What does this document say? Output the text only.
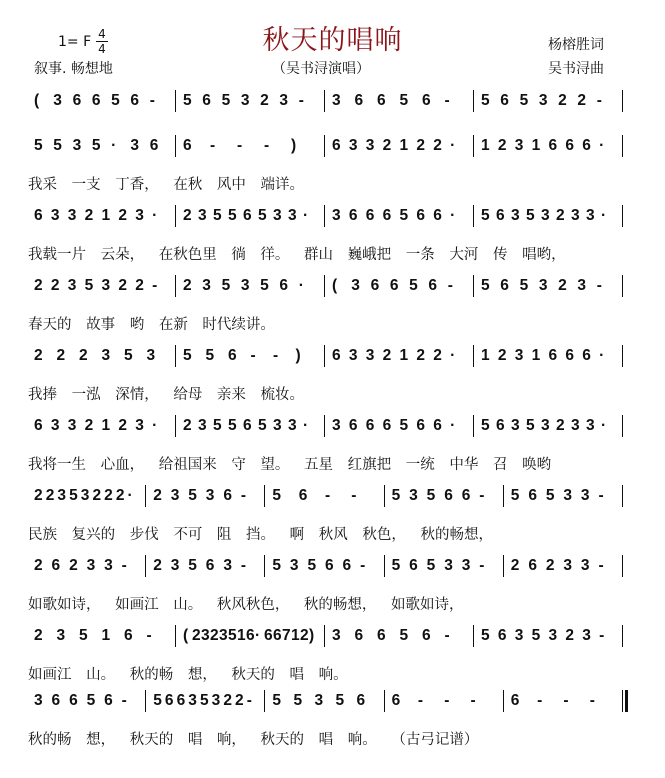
1= F 4
4	秋天的唱响	杨榕胜词
叙事. 畅想地	（吴书浔演唱）	吴书浔曲
( 3 6 6 5 6 - 5 6 5 3 2 3 - 3 6 6 5 6 - 5 6 5 3 2 2 -
5 5 3 5 · 3 6 6 - - - ) 6 3 3 2 1 2 2 · 1 2 3 1 6 6 6 ·
我采 一支 丁香， 在秋 风中 端详。
6 3 3 2 1 2 3 · 2 3 5 5 6 5 3 3 · 3 6 6 6 5 6 6 · 5 6 3 5 3 2 3 3 ·
我载一片 云朵， 在秋色里 徜 徉。 群山 巍峨把 一条 大河 传 唱哟，
2 2 3 5 3 2 2 - 2 3 5 3 5 6 · ( 3 6 6 5 6 - 5 6 5 3 2 3 -
春天的 故事 哟 在新 时代续讲。
2 2 2 3 5 3 5 5 6 - - ) 6 3 3 2 1 2 2 · 1 2 3 1 6 6 6 ·
我捧 一泓 深情， 给母 亲来 梳妆。
6 3 3 2 1 2 3 · 2 3 5 5 6 5 3 3 · 3 6 6 6 5 6 6 · 5 6 3 5 3 2 3 3 ·
我将一生 心血， 给祖国来 守 望。 五星 红旗把 一统 中华 召 唤哟
2 2 3 5 3 2 2 2 · 2 3 5 3 6 - 5 6 - - 5 3 5 6 6 - 5 6 5 3 3 -
民族 复兴的 步伐 不可 阻 挡。 啊 秋风 秋色， 秋的畅想，
2 6 2 3 3 - 2 3 5 6 3 - 5 3 5 6 6 - 5 6 5 3 3 - 2 6 2 3 3 -
如歌如诗， 如画江 山。 秋风秋色， 秋的畅想， 如歌如诗，
2 3 5 1 6 - ( 2 3 2 3 5 1 6 · 6 6 7 1 2 ) 3 6 6 5 6 - 5 6 3 5 3 2 3 -
如画江 山。 秋的畅 想， 秋天的 唱 响。
3 6 6 5 6 - 5 6 6 3 5 3 2 2 - 5 5 3 5 6 6 - - - 6 - - -
秋的畅 想， 秋天的 唱 响， 秋天的 唱 响。 （古弓记谱）
